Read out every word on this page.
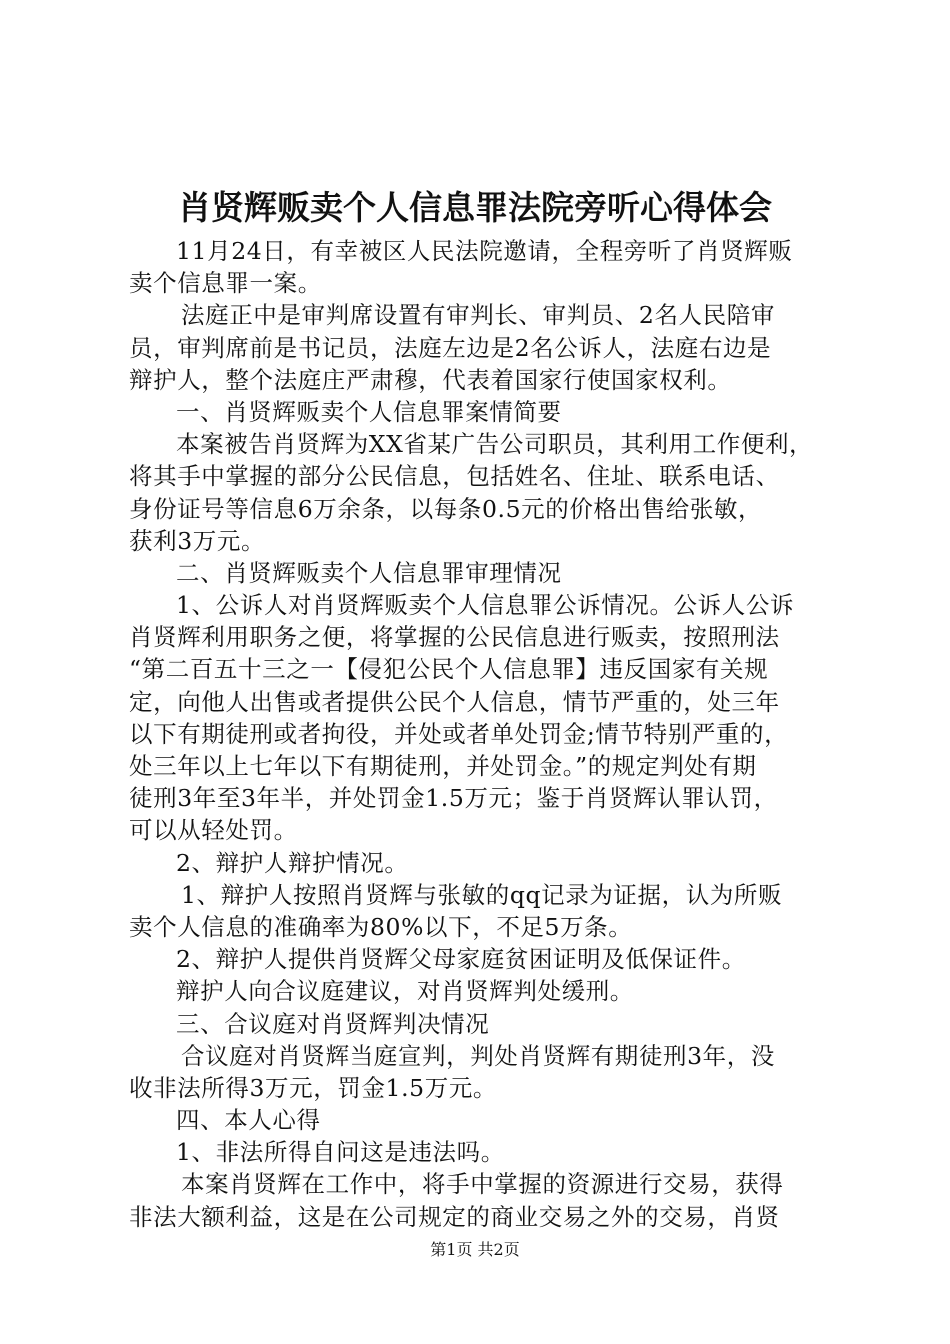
肖贤辉贩卖个人信息罪法院旁听心得体会
11月24日，有幸被区人民法院邀请，全程旁听了肖贤辉贩
卖个信息罪一案。
法庭正中是审判席设置有审判长、审判员、2名人民陪审
员，审判席前是书记员，法庭左边是2名公诉人，法庭右边是
辩护人，整个法庭庄严肃穆，代表着国家行使国家权利。
一、肖贤辉贩卖个人信息罪案情简要
本案被告肖贤辉为XX省某广告公司职员，其利用工作便利，
将其手中掌握的部分公民信息，包括姓名、住址、联系电话、
身份证号等信息6万余条，以每条0.5元的价格出售给张敏，
获利3万元。
二、肖贤辉贩卖个人信息罪审理情况
1、公诉人对肖贤辉贩卖个人信息罪公诉情况。公诉人公诉
肖贤辉利用职务之便，将掌握的公民信息进行贩卖，按照刑法
“第二百五十三之一【侵犯公民个人信息罪】违反国家有关规
定，向他人出售或者提供公民个人信息，情节严重的，处三年
以下有期徒刑或者拘役，并处或者单处罚金;情节特别严重的，
处三年以上七年以下有期徒刑，并处罚金。”的规定判处有期
徒刑3年至3年半，并处罚金1.5万元；鉴于肖贤辉认罪认罚，
可以从轻处罚。
2、辩护人辩护情况。
1、辩护人按照肖贤辉与张敏的qq记录为证据，认为所贩
卖个人信息的准确率为80%以下，不足5万条。
2、辩护人提供肖贤辉父母家庭贫困证明及低保证件。
辩护人向合议庭建议，对肖贤辉判处缓刑。
三、合议庭对肖贤辉判决情况
合议庭对肖贤辉当庭宣判，判处肖贤辉有期徒刑3年，没
收非法所得3万元，罚金1.5万元。
四、本人心得
1、非法所得自问这是违法吗。
本案肖贤辉在工作中，将手中掌握的资源进行交易，获得
非法大额利益，这是在公司规定的商业交易之外的交易，肖贤
第1页 共2页
